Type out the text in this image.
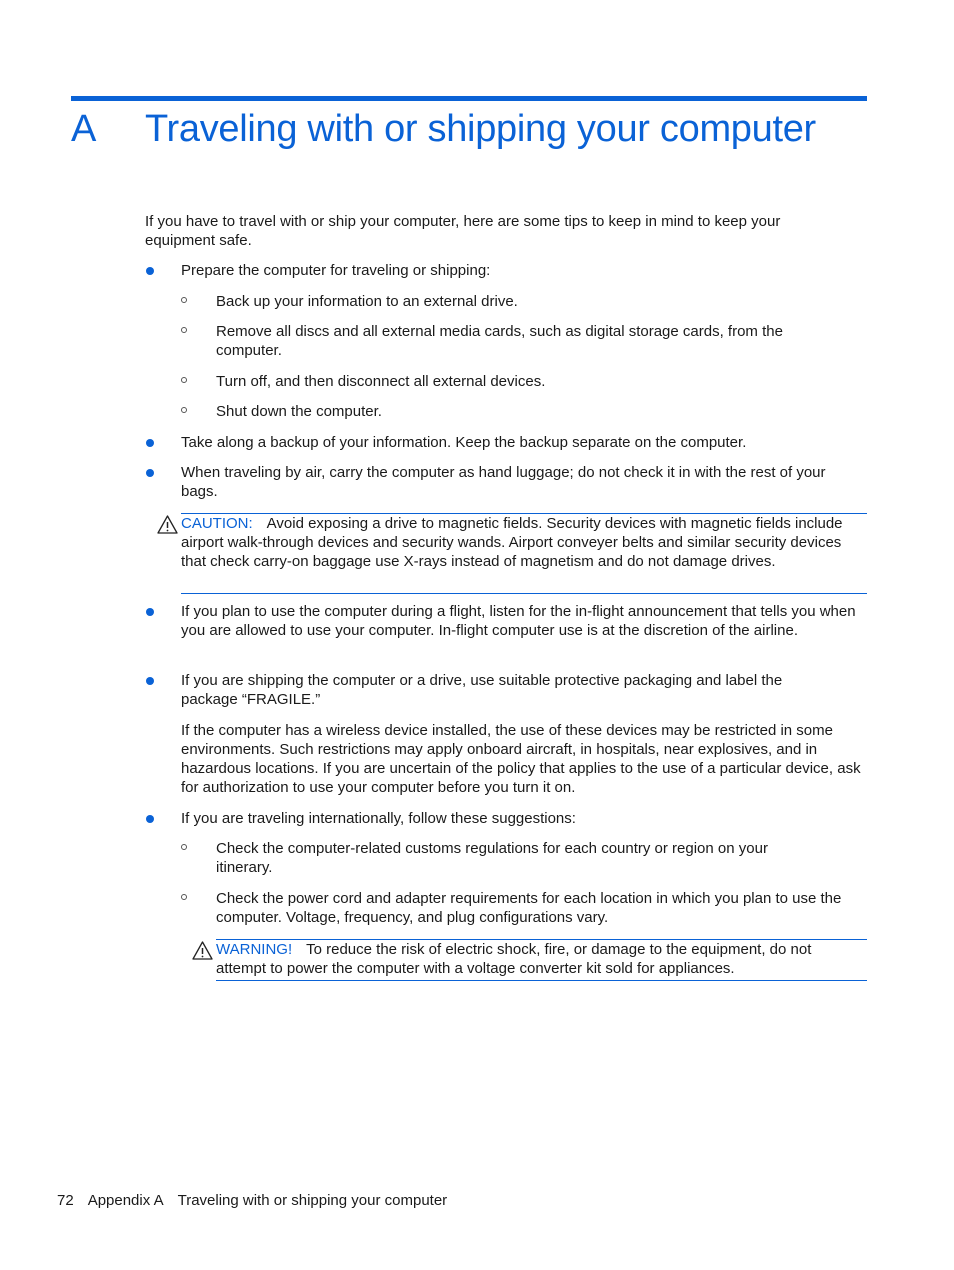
A Traveling with or shipping your computer
If you have to travel with or ship your computer, here are some tips to keep in mind to keep your equipment safe.
Prepare the computer for traveling or shipping:
Back up your information to an external drive.
Remove all discs and all external media cards, such as digital storage cards, from the computer.
Turn off, and then disconnect all external devices.
Shut down the computer.
Take along a backup of your information. Keep the backup separate on the computer.
When traveling by air, carry the computer as hand luggage; do not check it in with the rest of your bags.
CAUTION: Avoid exposing a drive to magnetic fields. Security devices with magnetic fields include airport walk-through devices and security wands. Airport conveyer belts and similar security devices that check carry-on baggage use X-rays instead of magnetism and do not damage drives.
If you plan to use the computer during a flight, listen for the in-flight announcement that tells you when you are allowed to use your computer. In-flight computer use is at the discretion of the airline.
If you are shipping the computer or a drive, use suitable protective packaging and label the package “FRAGILE.”
If the computer has a wireless device installed, the use of these devices may be restricted in some environments. Such restrictions may apply onboard aircraft, in hospitals, near explosives, and in hazardous locations. If you are uncertain of the policy that applies to the use of a particular device, ask for authorization to use your computer before you turn it on.
If you are traveling internationally, follow these suggestions:
Check the computer-related customs regulations for each country or region on your itinerary.
Check the power cord and adapter requirements for each location in which you plan to use the computer. Voltage, frequency, and plug configurations vary.
WARNING! To reduce the risk of electric shock, fire, or damage to the equipment, do not attempt to power the computer with a voltage converter kit sold for appliances.
72 Appendix A Traveling with or shipping your computer
